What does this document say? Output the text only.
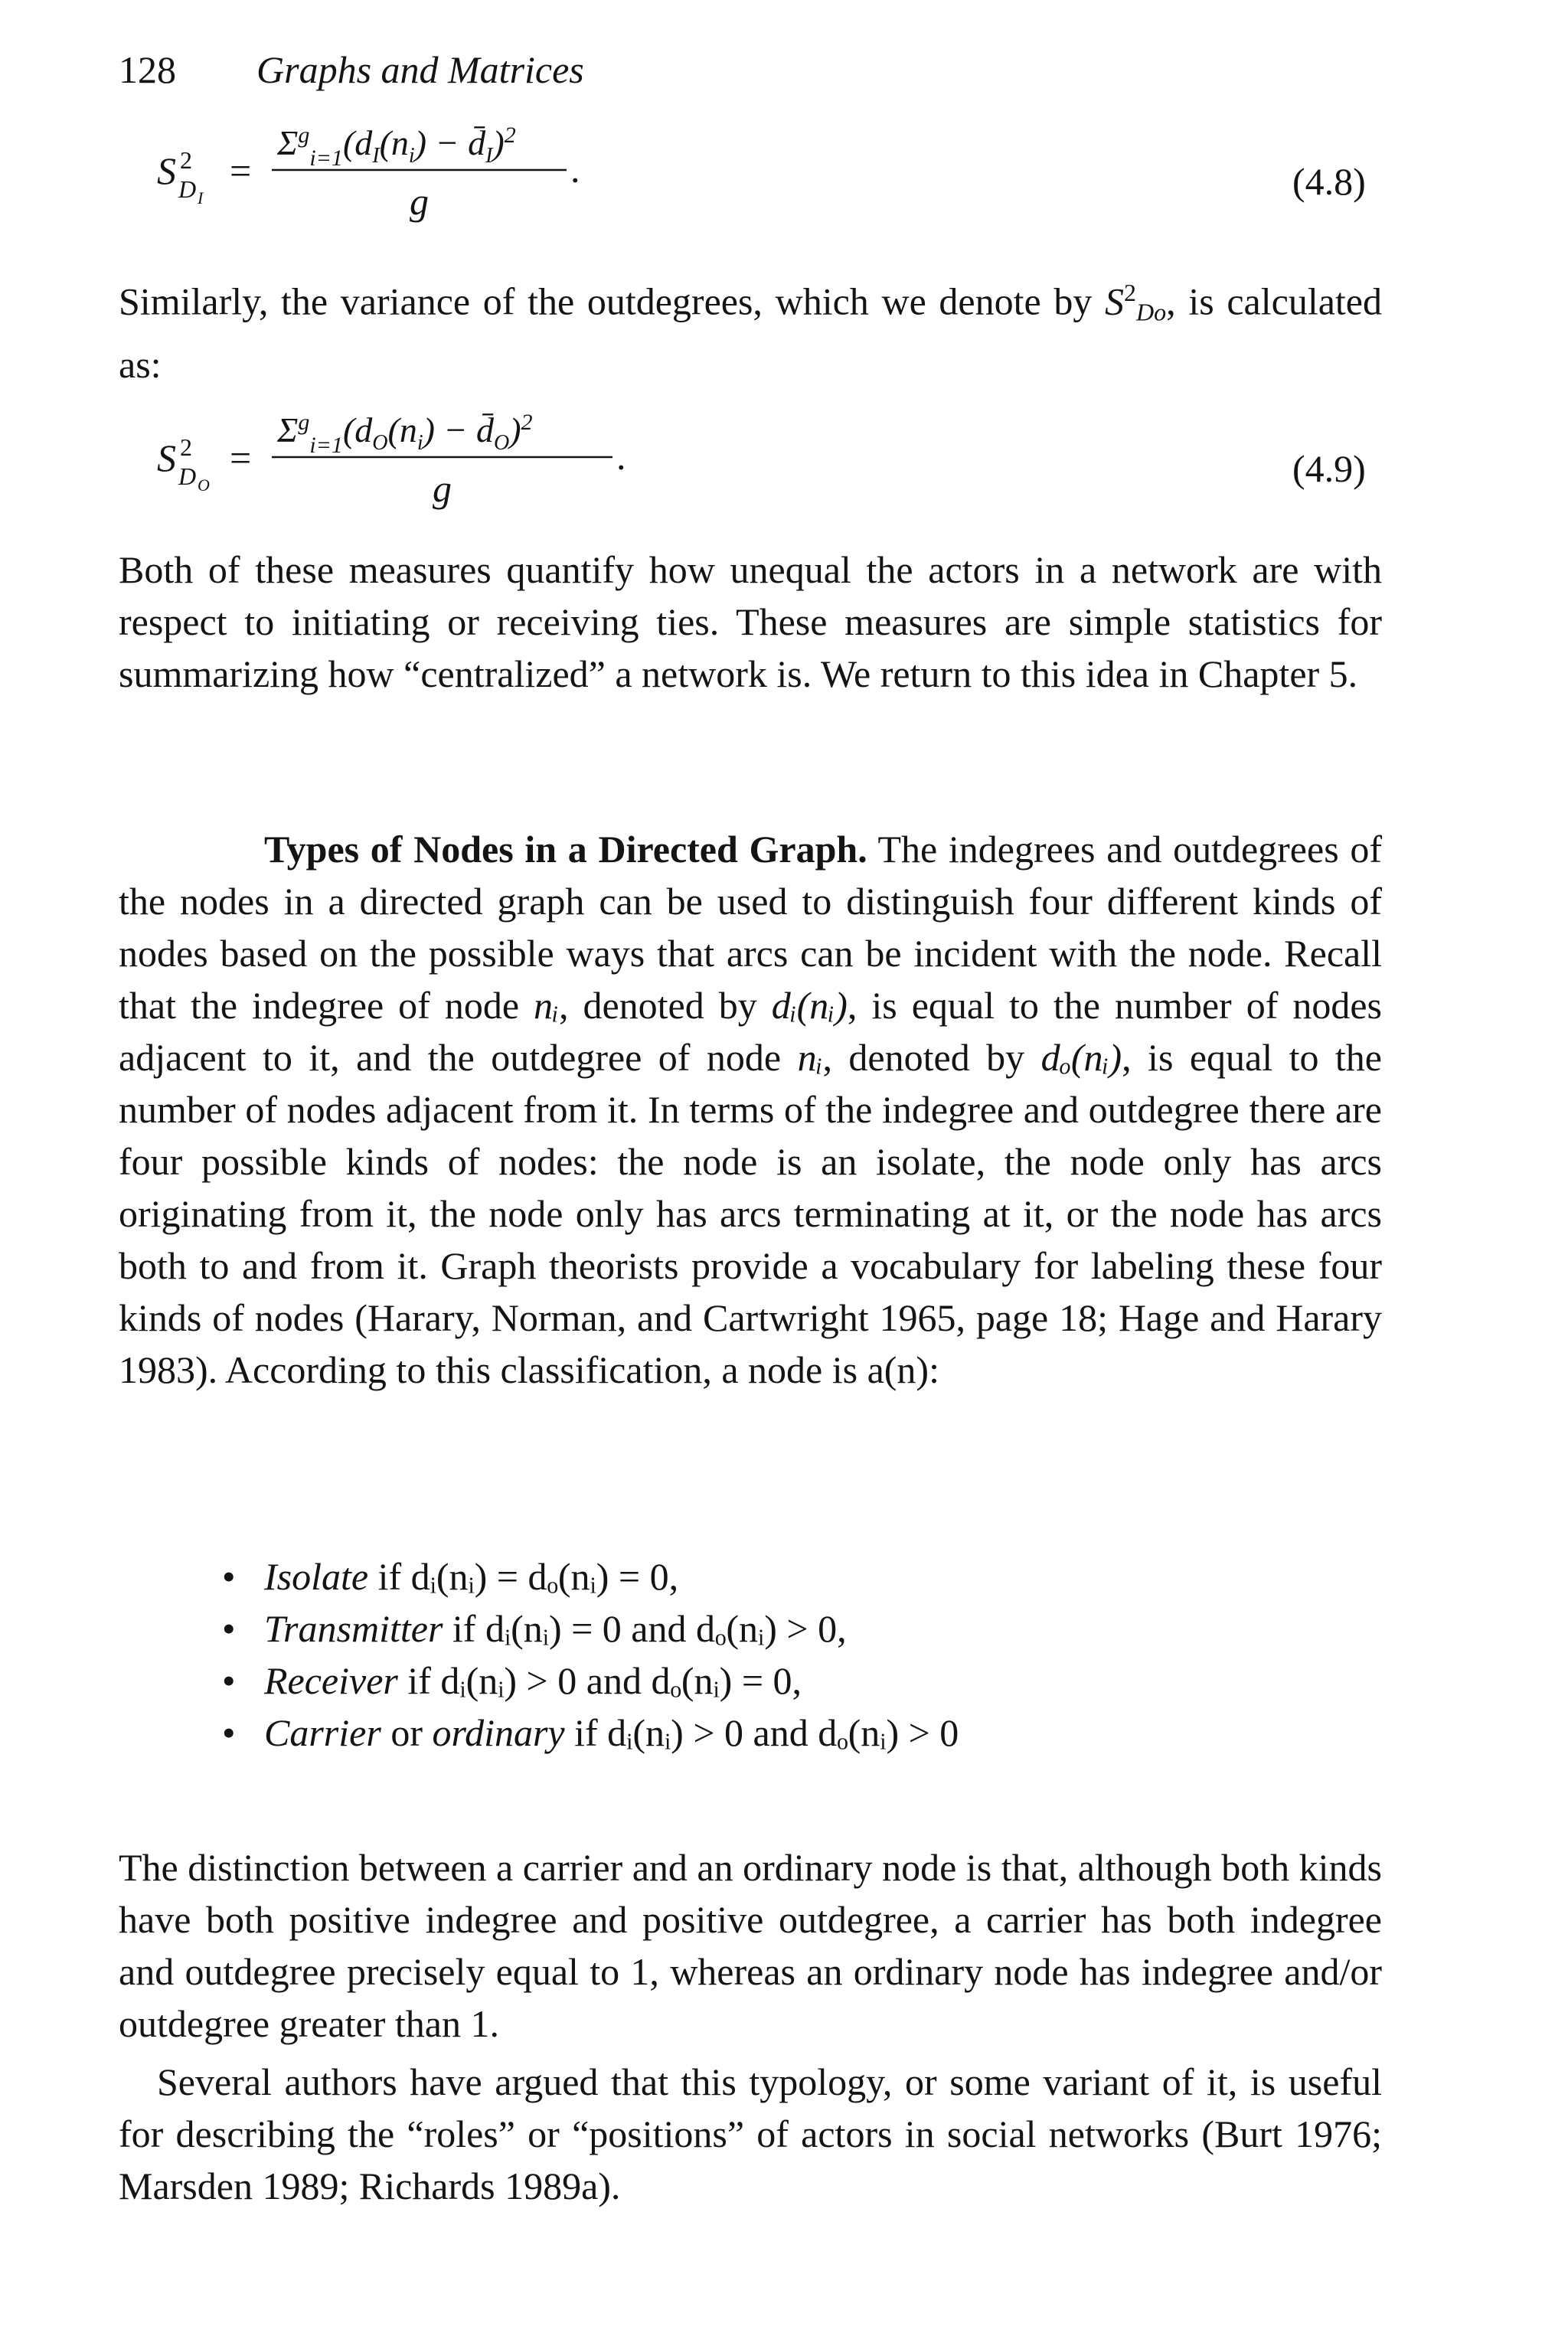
128 Graphs and Matrices
S 2
D I
=
$\Sigma^g_{i=1}(d_I(n_i)$ − $d̄_I)^2$
.
g	(4.8)

Similarly, the variance of the outdegrees, which we denote by $S^2_{Do}$, is calculated as:

S 2
D O
=
$\Sigma^g_{i=1}(d_O(n_i)$ − $d̄_O)^2$
.
g	(4.9)

Both of these measures quantify how unequal the actors in a network are with respect to initiating or receiving ties. These measures are simple statistics for summarizing how “centralized” a network is. We return to this idea in Chapter 5.

Types of Nodes in a Directed Graph. The indegrees and outdegrees of the nodes in a directed graph can be used to distinguish four different kinds of nodes based on the possible ways that arcs can be incident with the node. Recall that the indegree of node nᵢ, denoted by dᵢ(nᵢ), is equal to the number of nodes adjacent to it, and the outdegree of node nᵢ, denoted by dₒ(nᵢ), is equal to the number of nodes adjacent from it. In terms of the indegree and outdegree there are four possible kinds of nodes: the node is an isolate, the node only has arcs originating from it, the node only has arcs terminating at it, or the node has arcs both to and from it. Graph theorists provide a vocabulary for labeling these four kinds of nodes (Harary, Norman, and Cartwright 1965, page 18; Hage and Harary 1983). According to this classification, a node is a(n):

• Isolate if dᵢ(nᵢ) = dₒ(nᵢ) = 0,
• Transmitter if dᵢ(nᵢ) = 0 and dₒ(nᵢ) > 0,
• Receiver if dᵢ(nᵢ) > 0 and dₒ(nᵢ) = 0,
• Carrier or ordinary if dᵢ(nᵢ) > 0 and dₒ(nᵢ) > 0

The distinction between a carrier and an ordinary node is that, although both kinds have both positive indegree and positive outdegree, a carrier has both indegree and outdegree precisely equal to 1, whereas an ordinary node has indegree and/or outdegree greater than 1.

Several authors have argued that this typology, or some variant of it, is useful for describing the “roles” or “positions” of actors in social networks (Burt 1976; Marsden 1989; Richards 1989a).
